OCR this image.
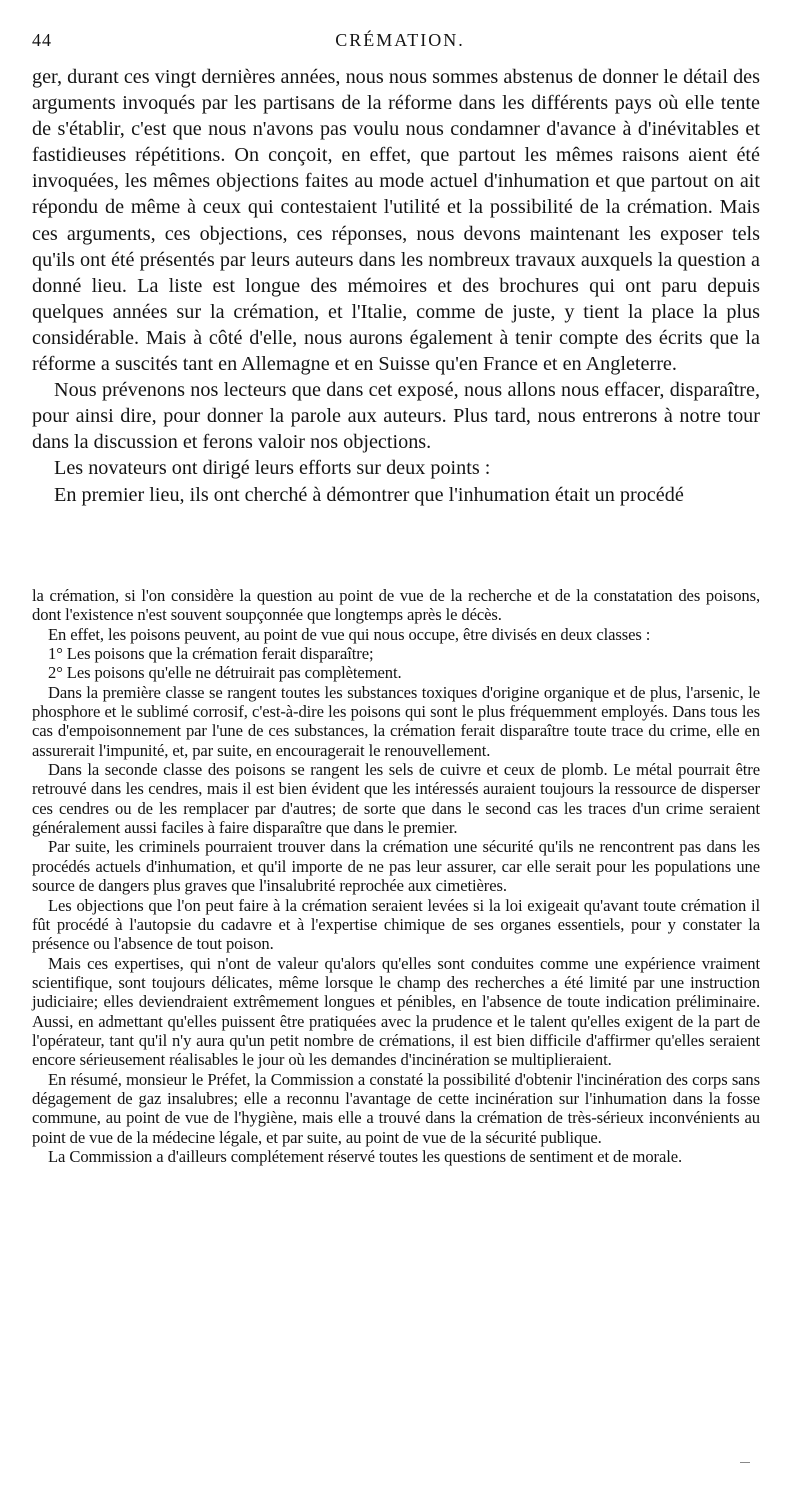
44	CRÉMATION.

ger, durant ces vingt dernières années, nous nous sommes abstenus de donner le détail des arguments invoqués par les partisans de la réforme dans les différents pays où elle tente de s'établir, c'est que nous n'avons pas voulu nous condamner d'avance à d'inévitables et fastidieuses répétitions. On conçoit, en effet, que partout les mêmes raisons aient été invoquées, les mêmes objections faites au mode actuel d'inhumation et que partout on ait répondu de même à ceux qui contestaient l'utilité et la possibilité de la crémation. Mais ces arguments, ces objections, ces réponses, nous devons maintenant les exposer tels qu'ils ont été présentés par leurs auteurs dans les nombreux travaux auxquels la question a donné lieu. La liste est longue des mémoires et des brochures qui ont paru depuis quelques années sur la crémation, et l'Italie, comme de juste, y tient la place la plus considérable. Mais à côté d'elle, nous aurons également à tenir compte des écrits que la réforme a suscités tant en Allemagne et en Suisse qu'en France et en Angleterre.

Nous prévenons nos lecteurs que dans cet exposé, nous allons nous effacer, disparaître, pour ainsi dire, pour donner la parole aux auteurs. Plus tard, nous entrerons à notre tour dans la discussion et ferons valoir nos objections.

Les novateurs ont dirigé leurs efforts sur deux points :

En premier lieu, ils ont cherché à démontrer que l'inhumation était un procédé

la crémation, si l'on considère la question au point de vue de la recherche et de la constatation des poisons, dont l'existence n'est souvent soupçonnée que longtemps après le décès.

En effet, les poisons peuvent, au point de vue qui nous occupe, être divisés en deux classes :

1° Les poisons que la crémation ferait disparaître;

2° Les poisons qu'elle ne détruirait pas complètement.

Dans la première classe se rangent toutes les substances toxiques d'origine organique et de plus, l'arsenic, le phosphore et le sublimé corrosif, c'est-à-dire les poisons qui sont le plus fréquemment employés. Dans tous les cas d'empoisonnement par l'une de ces substances, la crémation ferait disparaître toute trace du crime, elle en assurerait l'impunité, et, par suite, en encouragerait le renouvellement.

Dans la seconde classe des poisons se rangent les sels de cuivre et ceux de plomb. Le métal pourrait être retrouvé dans les cendres, mais il est bien évident que les intéressés auraient toujours la ressource de disperser ces cendres ou de les remplacer par d'autres; de sorte que dans le second cas les traces d'un crime seraient généralement aussi faciles à faire disparaître que dans le premier.

Par suite, les criminels pourraient trouver dans la crémation une sécurité qu'ils ne rencontrent pas dans les procédés actuels d'inhumation, et qu'il importe de ne pas leur assurer, car elle serait pour les populations une source de dangers plus graves que l'insalubrité reprochée aux cimetières.

Les objections que l'on peut faire à la crémation seraient levées si la loi exigeait qu'avant toute crémation il fût procédé à l'autopsie du cadavre et à l'expertise chimique de ses organes essentiels, pour y constater la présence ou l'absence de tout poison.

Mais ces expertises, qui n'ont de valeur qu'alors qu'elles sont conduites comme une expérience vraiment scientifique, sont toujours délicates, même lorsque le champ des recherches a été limité par une instruction judiciaire; elles deviendraient extrêmement longues et pénibles, en l'absence de toute indication préliminaire. Aussi, en admettant qu'elles puissent être pratiquées avec la prudence et le talent qu'elles exigent de la part de l'opérateur, tant qu'il n'y aura qu'un petit nombre de crémations, il est bien difficile d'affirmer qu'elles seraient encore sérieusement réalisables le jour où les demandes d'incinération se multiplieraient.

En résumé, monsieur le Préfet, la Commission a constaté la possibilité d'obtenir l'incinération des corps sans dégagement de gaz insalubres; elle a reconnu l'avantage de cette incinération sur l'inhumation dans la fosse commune, au point de vue de l'hygiène, mais elle a trouvé dans la crémation de très-sérieux inconvénients au point de vue de la médecine légale, et par suite, au point de vue de la sécurité publique.

La Commission a d'ailleurs complétement réservé toutes les questions de sentiment et de morale.
